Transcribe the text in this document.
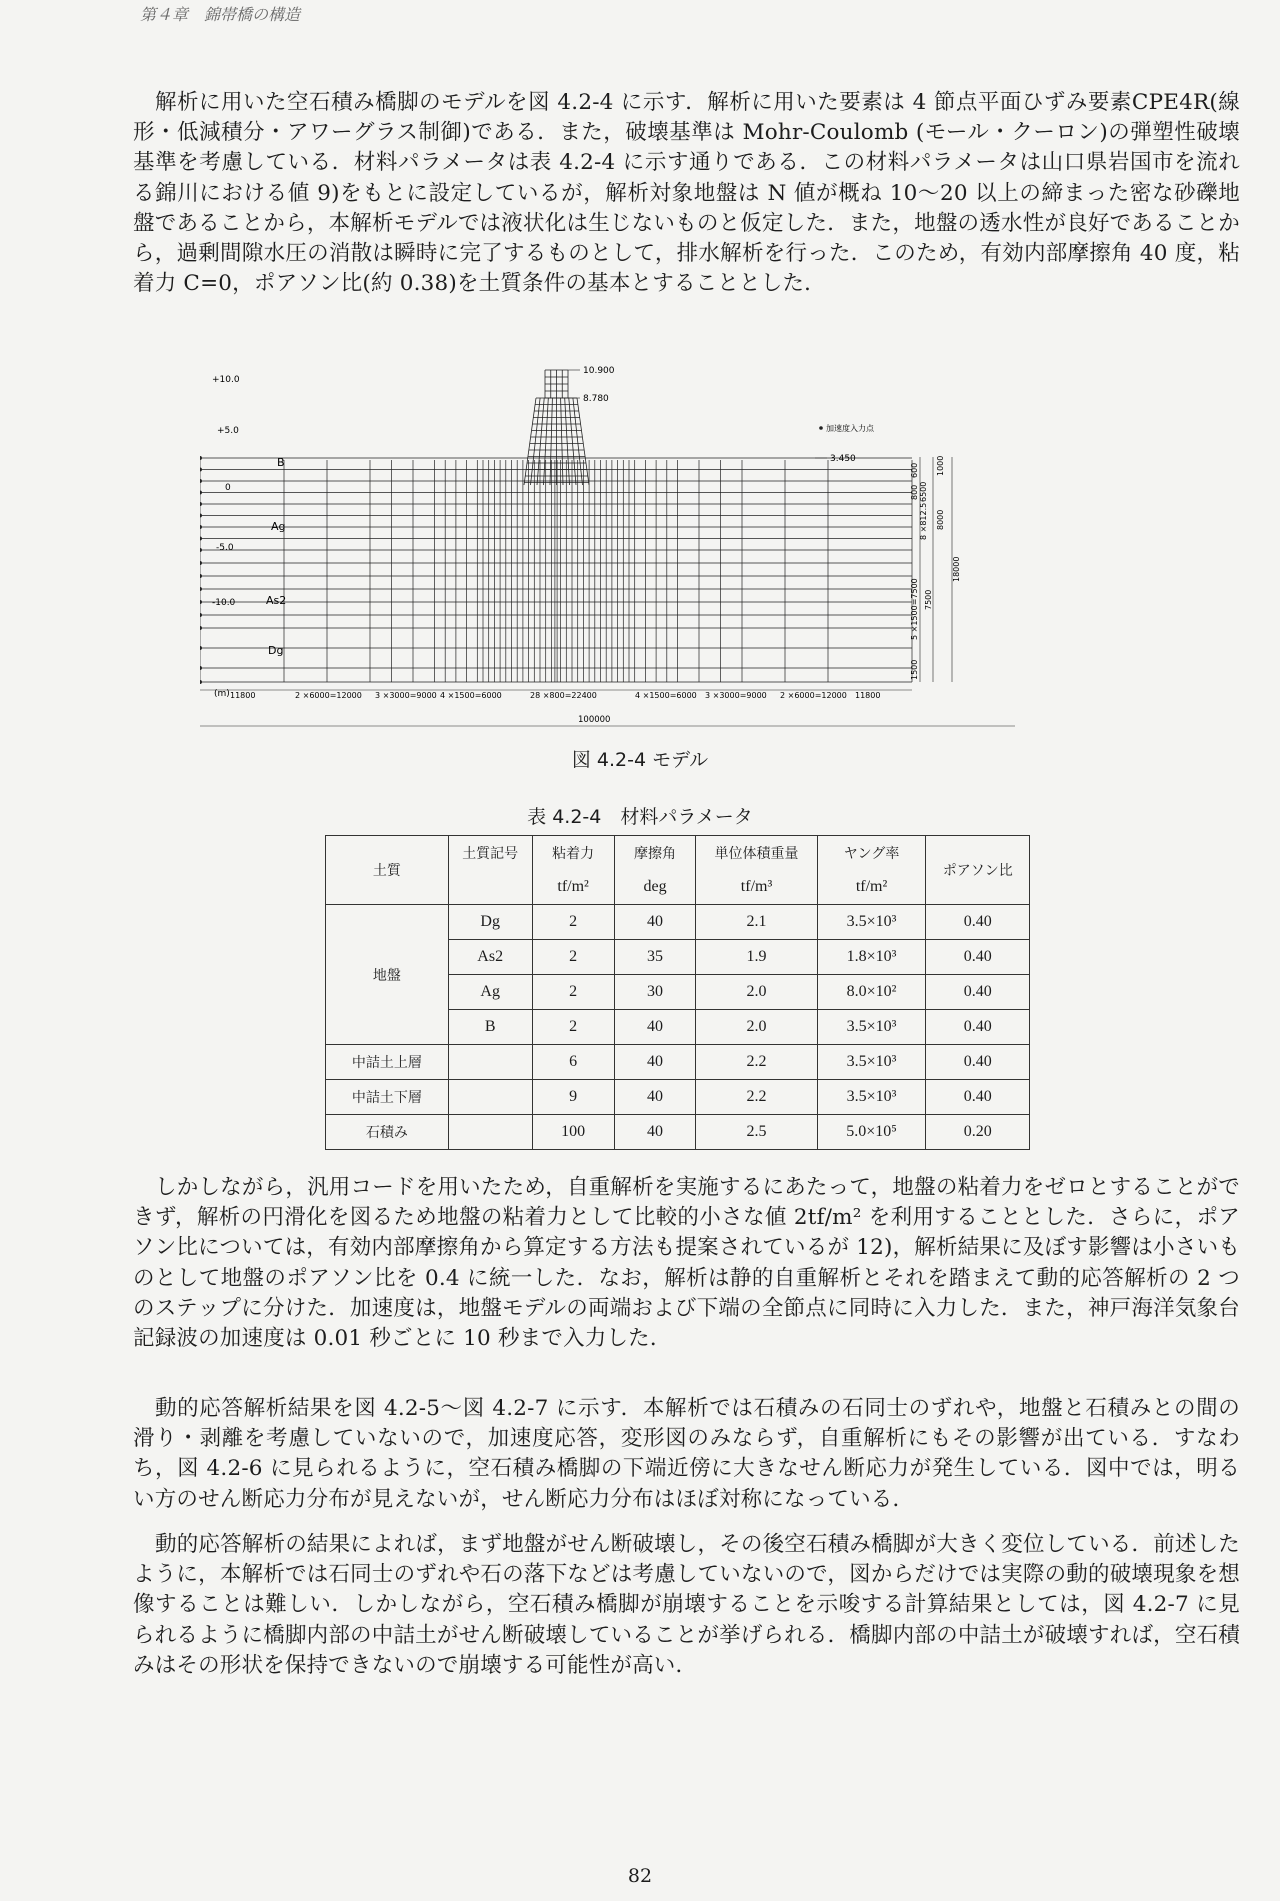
第４章　錦帯橋の構造

解析に用いた空石積み橋脚のモデルを図 4.2-4 に示す．解析に用いた要素は 4 節点平面ひずみ要素CPE4R(線形・低減積分・アワーグラス制御)である．また，破壊基準は Mohr-Coulomb (モール・クーロン)の弾塑性破壊基準を考慮している．材料パラメータは表 4.2-4 に示す通りである．この材料パラメータは山口県岩国市を流れる錦川における値 9)をもとに設定しているが，解析対象地盤は N 値が概ね 10～20 以上の締まった密な砂礫地盤であることから，本解析モデルでは液状化は生じないものと仮定した．また，地盤の透水性が良好であることから，過剰間隙水圧の消散は瞬時に完了するものとして，排水解析を行った．このため，有効内部摩擦角 40 度，粘着力 C=0，ポアソン比(約 0.38)を土質条件の基本とすることとした．

+10.0
+5.0
0
-5.0
-10.0
(m)
B
Ag
As2
Dg
10.900
8.780
3.450
加速度入力点
11800	2 ×6000=12000 3 ×3000=9000 4 ×1500=6000	28 ×800=22400	4 ×1500=6000 3 ×3000=9000 2 ×6000=12000 11800
100000
600
800
1000
8 ×812.5
6500
8000
5 ×1500=7500 7500
18000
1500
図 4.2-4 モデル
表 4.2-4　材料パラメータ
土質	土質記号	粘着力	摩擦角	単位体積重量	ヤング率	ポアソン比
		tf/m²	deg	tf/m³	tf/m²	
地盤	Dg	2	40	2.1	3.5×10³	0.40
	As2	2	35	1.9	1.8×10³	0.40
	Ag	2	30	2.0	8.0×10²	0.40
	B	2	40	2.0	3.5×10³	0.40
中詰土上層		6	40	2.2	3.5×10³	0.40
中詰土下層		9	40	2.2	3.5×10³	0.40
石積み		100	40	2.5	5.0×10⁵	0.20

しかしながら，汎用コードを用いたため，自重解析を実施するにあたって，地盤の粘着力をゼロとすることができず，解析の円滑化を図るため地盤の粘着力として比較的小さな値 2tf/m² を利用することとした．さらに，ポアソン比については，有効内部摩擦角から算定する方法も提案されているが 12)，解析結果に及ぼす影響は小さいものとして地盤のポアソン比を 0.4 に統一した．なお，解析は静的自重解析とそれを踏まえて動的応答解析の 2 つのステップに分けた．加速度は，地盤モデルの両端および下端の全節点に同時に入力した．また，神戸海洋気象台記録波の加速度は 0.01 秒ごとに 10 秒まで入力した．

動的応答解析結果を図 4.2-5～図 4.2-7 に示す．本解析では石積みの石同士のずれや，地盤と石積みとの間の滑り・剥離を考慮していないので，加速度応答，変形図のみならず，自重解析にもその影響が出ている．すなわち，図 4.2-6 に見られるように，空石積み橋脚の下端近傍に大きなせん断応力が発生している．図中では，明るい方のせん断応力分布が見えないが，せん断応力分布はほぼ対称になっている．

動的応答解析の結果によれば，まず地盤がせん断破壊し，その後空石積み橋脚が大きく変位している．前述したように，本解析では石同士のずれや石の落下などは考慮していないので，図からだけでは実際の動的破壊現象を想像することは難しい．しかしながら，空石積み橋脚が崩壊することを示唆する計算結果としては，図 4.2-7 に見られるように橋脚内部の中詰土がせん断破壊していることが挙げられる．橋脚内部の中詰土が破壊すれば，空石積みはその形状を保持できないので崩壊する可能性が高い．

82
